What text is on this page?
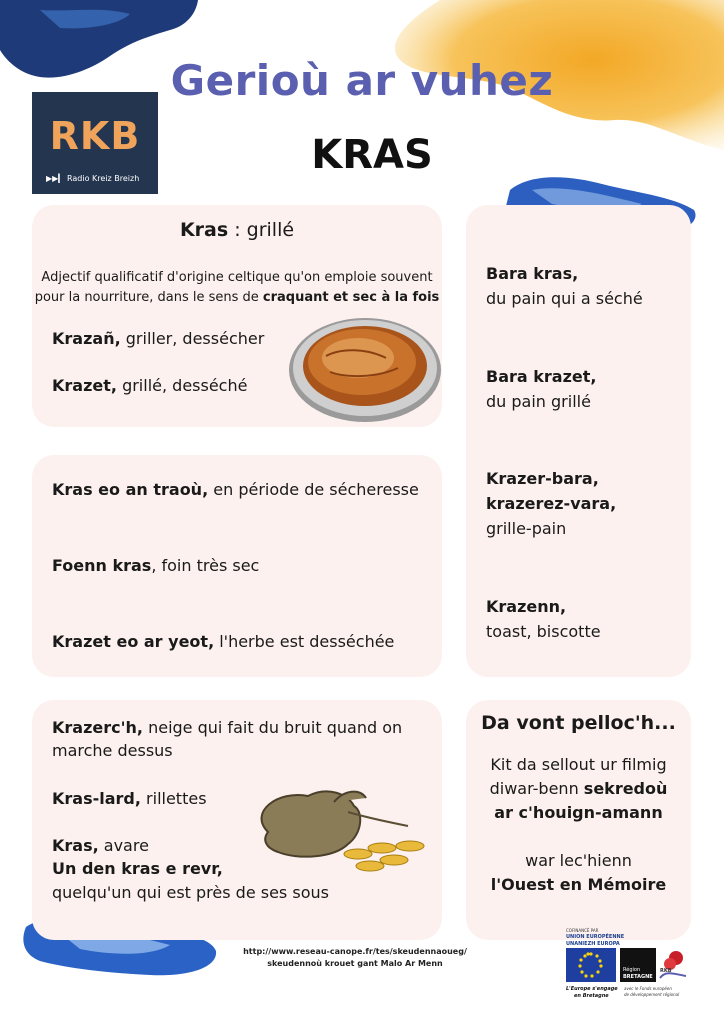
Gerioù ar vuhez
KRAS
RKB
▶▶▎ Radio Kreiz Breizh
Kras : grillé
Adjectif qualificatif d'origine celtique qu'on emploie souvent
pour la nourriture, dans le sens de craquant et sec à la fois
Krazañ, griller, dessécher
Krazet, grillé, desséché
Kras eo an traoù, en période de sécheresse
Foenn kras, foin très sec
Krazet eo ar yeot, l'herbe est desséchée
Krazerc'h, neige qui fait du bruit quand on
marche dessus
Kras-lard, rillettes
Kras, avare
Un den kras e revr,
quelqu'un qui est près de ses sous
Bara kras,
du pain qui a séché
Bara krazet,
du pain grillé
Krazer-bara,
krazerez-vara,
grille-pain
Krazenn,
toast, biscotte
Da vont pelloc'h...
Kit da sellout ur filmig
diwar-benn sekredoù
ar c'houign-amann
war lec'hienn
l'Ouest en Mémoire
http://www.reseau-canope.fr/tes/skeudennaoueg/
skeudennoù krouet gant Malo Ar Menn
COFINANCÉ PAR
UNION EUROPÉENNE
UNANIEZH EUROPA
Région
BRETAGNE
RKB
L'Europe s'engage
en Bretagne
avec le Fonds européen
de développement régional
